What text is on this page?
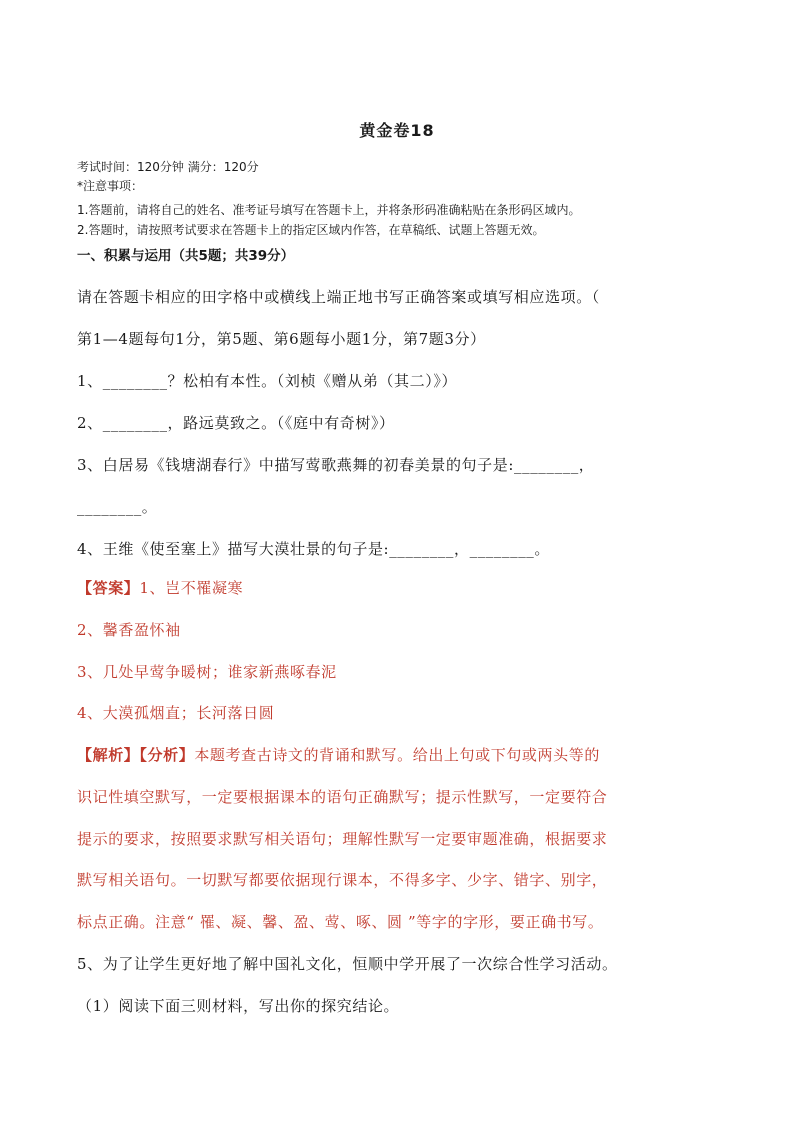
黄金卷18
考试时间：120分钟 满分：120分
*注意事项：
1.答题前，请将自己的姓名、准考证号填写在答题卡上，并将条形码准确粘贴在条形码区域内。
2.答题时，请按照考试要求在答题卡上的指定区域内作答，在草稿纸、试题上答题无效。
一、积累与运用（共5题；共39分）
请在答题卡相应的田字格中或横线上端正地书写正确答案或填写相应选项。（
第1—4题每句1分，第5题、第6题每小题1分，第7题3分）
1、________？松柏有本性。（刘桢《赠从弟（其二）》）
2、________，路远莫致之。（《庭中有奇树》）
3、白居易《钱塘湖春行》中描写莺歌燕舞的初春美景的句子是:________，
________。
4、王维《使至塞上》描写大漠壮景的句子是:________，________。
【答案】1、岂不罹凝寒
2、馨香盈怀袖
3、几处早莺争暖树；谁家新燕啄春泥
4、大漠孤烟直；长河落日圆
【解析】【分析】本题考查古诗文的背诵和默写。给出上句或下句或两头等的
识记性填空默写，一定要根据课本的语句正确默写；提示性默写，一定要符合
提示的要求，按照要求默写相关语句；理解性默写一定要审题准确，根据要求
默写相关语句。一切默写都要依据现行课本，不得多字、少字、错字、别字，
标点正确。注意“ 罹、凝、馨、盈、莺、啄、圆 ”等字的字形，要正确书写。
5、为了让学生更好地了解中国礼文化，恒顺中学开展了一次综合性学习活动。
（1）阅读下面三则材料，写出你的探究结论。
